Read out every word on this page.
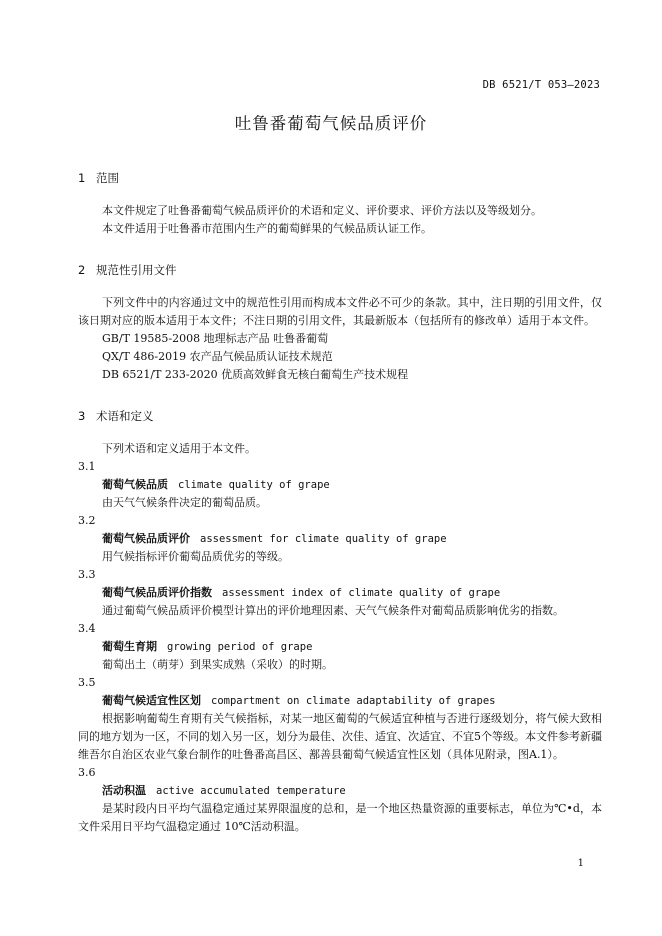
DB 6521/T 053—2023
吐鲁番葡萄气候品质评价
1 范围

本文件规定了吐鲁番葡萄气候品质评价的术语和定义、评价要求、评价方法以及等级划分。

本文件适用于吐鲁番市范围内生产的葡萄鲜果的气候品质认证工作。

2 规范性引用文件

下列文件中的内容通过文中的规范性引用而构成本文件必不可少的条款。其中，注日期的引用文件，仅该日期对应的版本适用于本文件；不注日期的引用文件，其最新版本（包括所有的修改单）适用于本文件。

GB/T 19585-2008 地理标志产品 吐鲁番葡萄
QX/T 486-2019 农产品气候品质认证技术规范
DB 6521/T 233-2020 优质高效鲜食无核白葡萄生产技术规程
3 术语和定义

下列术语和定义适用于本文件。

3.1
葡萄气候品质 climate quality of grape

由天气气候条件决定的葡萄品质。

3.2
葡萄气候品质评价 assessment for climate quality of grape

用气候指标评价葡萄品质优劣的等级。

3.3
葡萄气候品质评价指数 assessment index of climate quality of grape

通过葡萄气候品质评价模型计算出的评价地理因素、天气气候条件对葡萄品质影响优劣的指数。

3.4
葡萄生育期 growing period of grape

葡萄出土（萌芽）到果实成熟（采收）的时期。

3.5
葡萄气候适宜性区划 compartment on climate adaptability of grapes

根据影响葡萄生育期有关气候指标，对某一地区葡萄的气候适宜种植与否进行逐级划分，将气候大致相同的地方划为一区，不同的划入另一区，划分为最佳、次佳、适宜、次适宜、不宜5个等级。本文件参考新疆维吾尔自治区农业气象台制作的吐鲁番高昌区、鄯善县葡萄气候适宜性区划（具体见附录，图A.1）。

3.6
活动积温 active accumulated temperature

是某时段内日平均气温稳定通过某界限温度的总和，是一个地区热量资源的重要标志，单位为℃•d，本文件采用日平均气温稳定通过 10℃活动积温。

1
